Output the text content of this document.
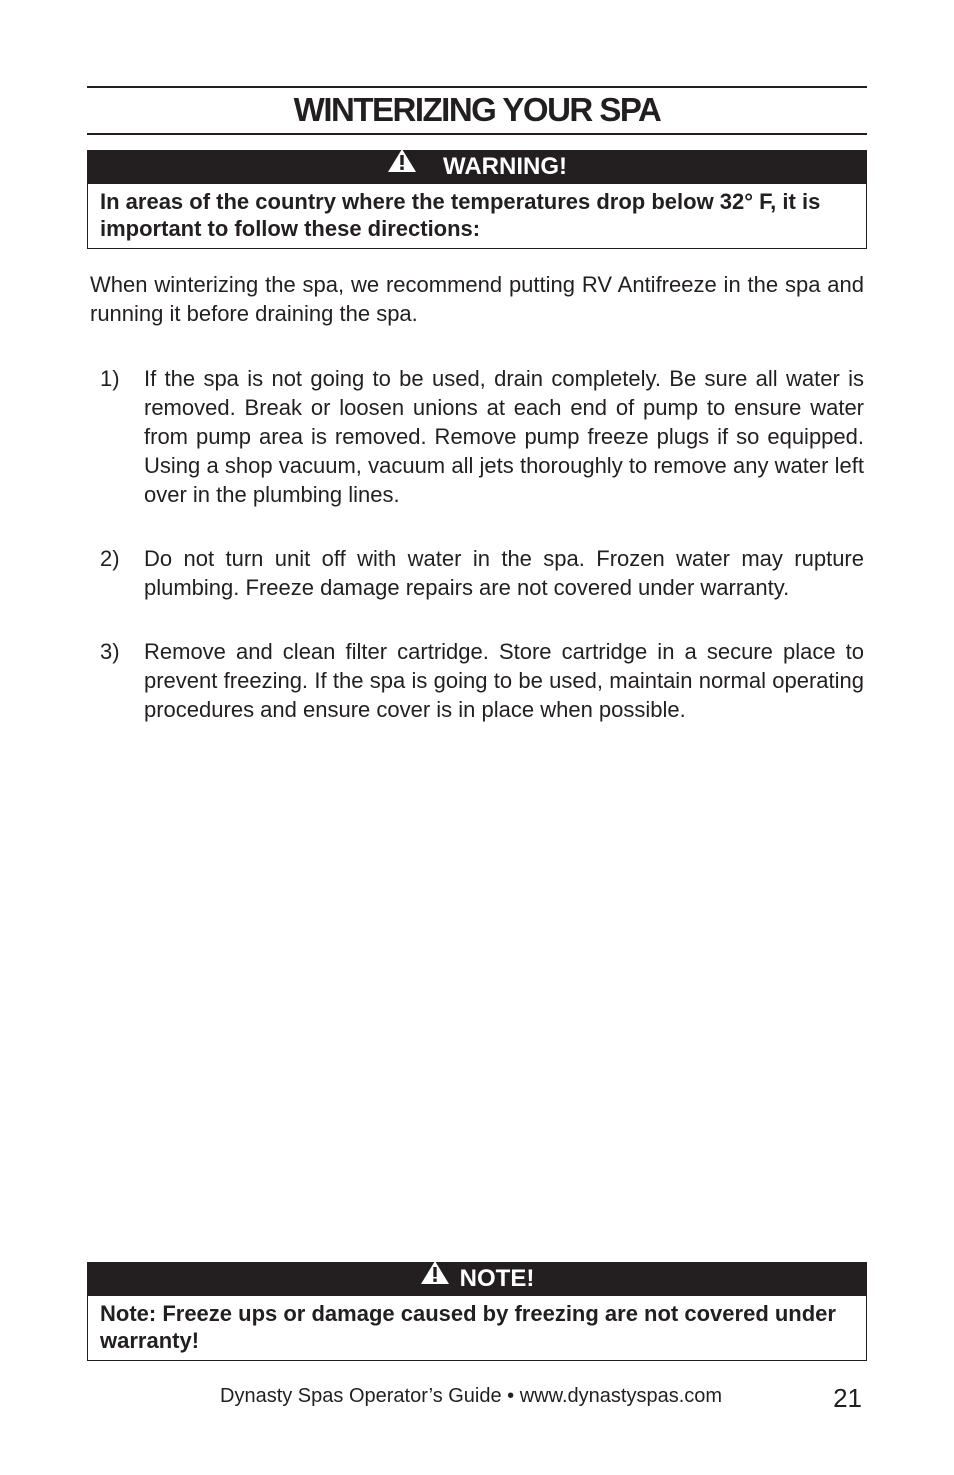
WINTERIZING YOUR SPA
WARNING!
In areas of the country where the temperatures drop below 32° F, it is important to follow these directions:

When winterizing the spa, we recommend putting RV Antifreeze in the spa and running it before draining the spa.

1) If the spa is not going to be used, drain completely. Be sure all water is removed. Break or loosen unions at each end of pump to ensure water from pump area is removed. Remove pump freeze plugs if so equipped. Using a shop vacuum, vacuum all jets thoroughly to remove any water left over in the plumbing lines.
2) Do not turn unit off with water in the spa. Frozen water may rupture plumbing. Freeze damage repairs are not covered under warranty.
3) Remove and clean filter cartridge. Store cartridge in a secure place to prevent freezing. If the spa is going to be used, maintain normal operating procedures and ensure cover is in place when possible.
NOTE!
Note: Freeze ups or damage caused by freezing are not covered under warranty!
Dynasty Spas Operator’s Guide • www.dynastyspas.com	21
